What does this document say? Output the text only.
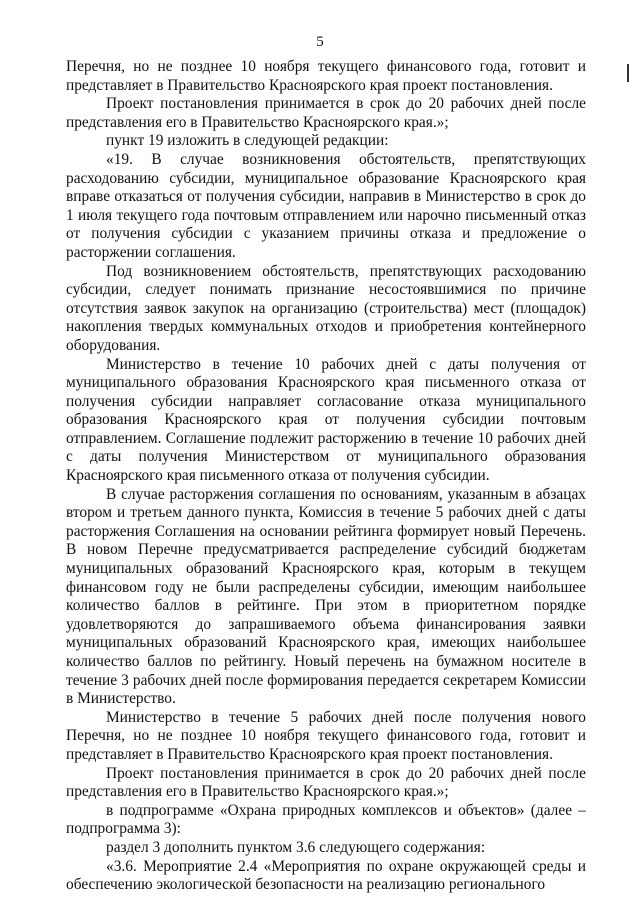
5

Перечня, но не позднее 10 ноября текущего финансового года, готовит и представляет в Правительство Красноярского края проект постановления.

Проект постановления принимается в срок до 20 рабочих дней после представления его в Правительство Красноярского края.»;

пункт 19 изложить в следующей редакции:

«19. В случае возникновения обстоятельств, препятствующих расходованию субсидии, муниципальное образование Красноярского края вправе отказаться от получения субсидии, направив в Министерство в срок до 1 июля текущего года почтовым отправлением или нарочно письменный отказ от получения субсидии с указанием причины отказа и предложение о расторжении соглашения.

Под возникновением обстоятельств, препятствующих расходованию субсидии, следует понимать признание несостоявшимися по причине отсутствия заявок закупок на организацию (строительства) мест (площадок) накопления твердых коммунальных отходов и приобретения контейнерного оборудования.

Министерство в течение 10 рабочих дней с даты получения от муниципального образования Красноярского края письменного отказа от получения субсидии направляет согласование отказа муниципального образования Красноярского края от получения субсидии почтовым отправлением. Соглашение подлежит расторжению в течение 10 рабочих дней с даты получения Министерством от муниципального образования Красноярского края письменного отказа от получения субсидии.

В случае расторжения соглашения по основаниям, указанным в абзацах втором и третьем данного пункта, Комиссия в течение 5 рабочих дней с даты расторжения Соглашения на основании рейтинга формирует новый Перечень. В новом Перечне предусматривается распределение субсидий бюджетам муниципальных образований Красноярского края, которым в текущем финансовом году не были распределены субсидии, имеющим наибольшее количество баллов в рейтинге. При этом в приоритетном порядке удовлетворяются до запрашиваемого объема финансирования заявки муниципальных образований Красноярского края, имеющих наибольшее количество баллов по рейтингу. Новый перечень на бумажном носителе в течение 3 рабочих дней после формирования передается секретарем Комиссии в Министерство.

Министерство в течение 5 рабочих дней после получения нового Перечня, но не позднее 10 ноября текущего финансового года, готовит и представляет в Правительство Красноярского края проект постановления.

Проект постановления принимается в срок до 20 рабочих дней после представления его в Правительство Красноярского края.»;

в подпрограмме «Охрана природных комплексов и объектов» (далее – подпрограмма 3):

раздел 3 дополнить пунктом 3.6 следующего содержания:

«3.6. Мероприятие 2.4 «Мероприятия по охране окружающей среды и обеспечению экологической безопасности на реализацию регионального
